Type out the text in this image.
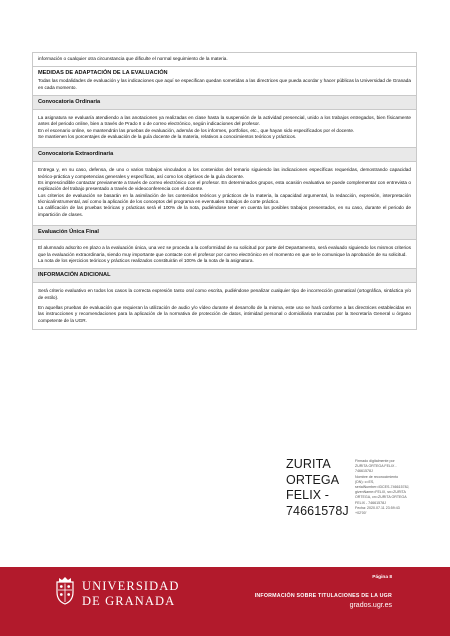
información o cualquier otra circunstancia que dificulte el normal seguimiento de la materia.

MEDIDAS DE ADAPTACIÓN DE LA EVALUACIÓN

Todas las modalidades de evaluación y las indicaciones que aquí se especifican quedan sometidas a las directrices que pueda acordar y hacer públicas la Universidad de Granada en cada momento.

Convocatoria Ordinaria

La asignatura se evaluaría atendiendo a las anotaciones ya realizadas en clase hasta la suspensión de la actividad presencial, unido a los trabajos entregados, bien físicamente antes del periodo online, bien a través de Prado II o de correo electrónico, según indicaciones del profesor.

En el escenario online, se mantendrán las pruebas de evaluación, además de los informes, portfolios, etc., que hayan sido especificados por el docente.

Se mantienen los porcentajes de evaluación de la guía docente de la materia, relativos a conocimientos teóricos y prácticos.

Convocatoria Extraordinaria

Entrega y, en su caso, defensa, de uno o varios trabajos vinculados a los contenidos del temario siguiendo las indicaciones específicas requeridas, demostrando capacidad teórico-práctica y competencias generales y específicas, así como los objetivos de la guía docente.

Es imprescindible contactar previamente a través de correo electrónico con el profesor. En determinados grupos, esta ocasión evaluativa se puede complementar con entrevista o explicación del trabajo presentado a través de videoconferencia con el docente.

Los criterios de evaluación se basarán en la asimilación de los contenidos teóricos y prácticos de la materia, la capacidad argumental, la redacción, expresión, interpretación técnica/instrumental, así como la aplicación de los conceptos del programa en eventuales trabajos de corte práctico.

La calificación de las pruebas teóricas y prácticas será el 100% de la nota, pudiéndose tener en cuenta los posibles trabajos presentados, en su caso, durante el periodo de impartición de clases.

Evaluación Única Final

El alumnado adscrito en plazo a la evaluación única, una vez se proceda a la conformidad de su solicitud por parte del Departamento, será evaluado siguiendo los mismos criterios que la evaluación extraordinaria, siendo muy importante que contacte con el profesor por correo electrónico en el momento en que se le comunique la aprobación de su solicitud.

La nota de los ejercicios teóricos y prácticos realizados constituirán el 100% de la nota de la asignatura.

INFORMACIÓN ADICIONAL

Será criterio evaluativo en todos los casos la correcta expresión tanto oral como escrita, pudiéndose penalizar cualquier tipo de incorrección gramatical (ortográfica, sintáctica y/o de estilo).

En aquellas pruebas de evaluación que requieran la utilización de audio y/o vídeo durante el desarrollo de la misma, este uso se hará conforme a las directrices establecidas en las instrucciones y recomendaciones para la aplicación de la normativa de protección de datos, intimidad personal o domiciliaria marcadas por la Secretaría General u órgano competente de la UGR.

ZURITA
ORTEGA
FELIX -
74661578J
Firmado digitalmente por
ZURITA ORTEGA FELIX -
74661578J
Nombre de reconocimiento
(DN): c=ES,
serialNumber=IDCES-74661578J,
givenName=FELIX, sn=ZURITA
ORTEGA, cn=ZURITA ORTEGA
FELIX - 74661578J
Fecha: 2020.07.11 23:59:43
+02'00'
UNIVERSIDAD
DE GRANADA
Página 8
INFORMACIÓN SOBRE TITULACIONES DE LA UGR
grados.ugr.es
